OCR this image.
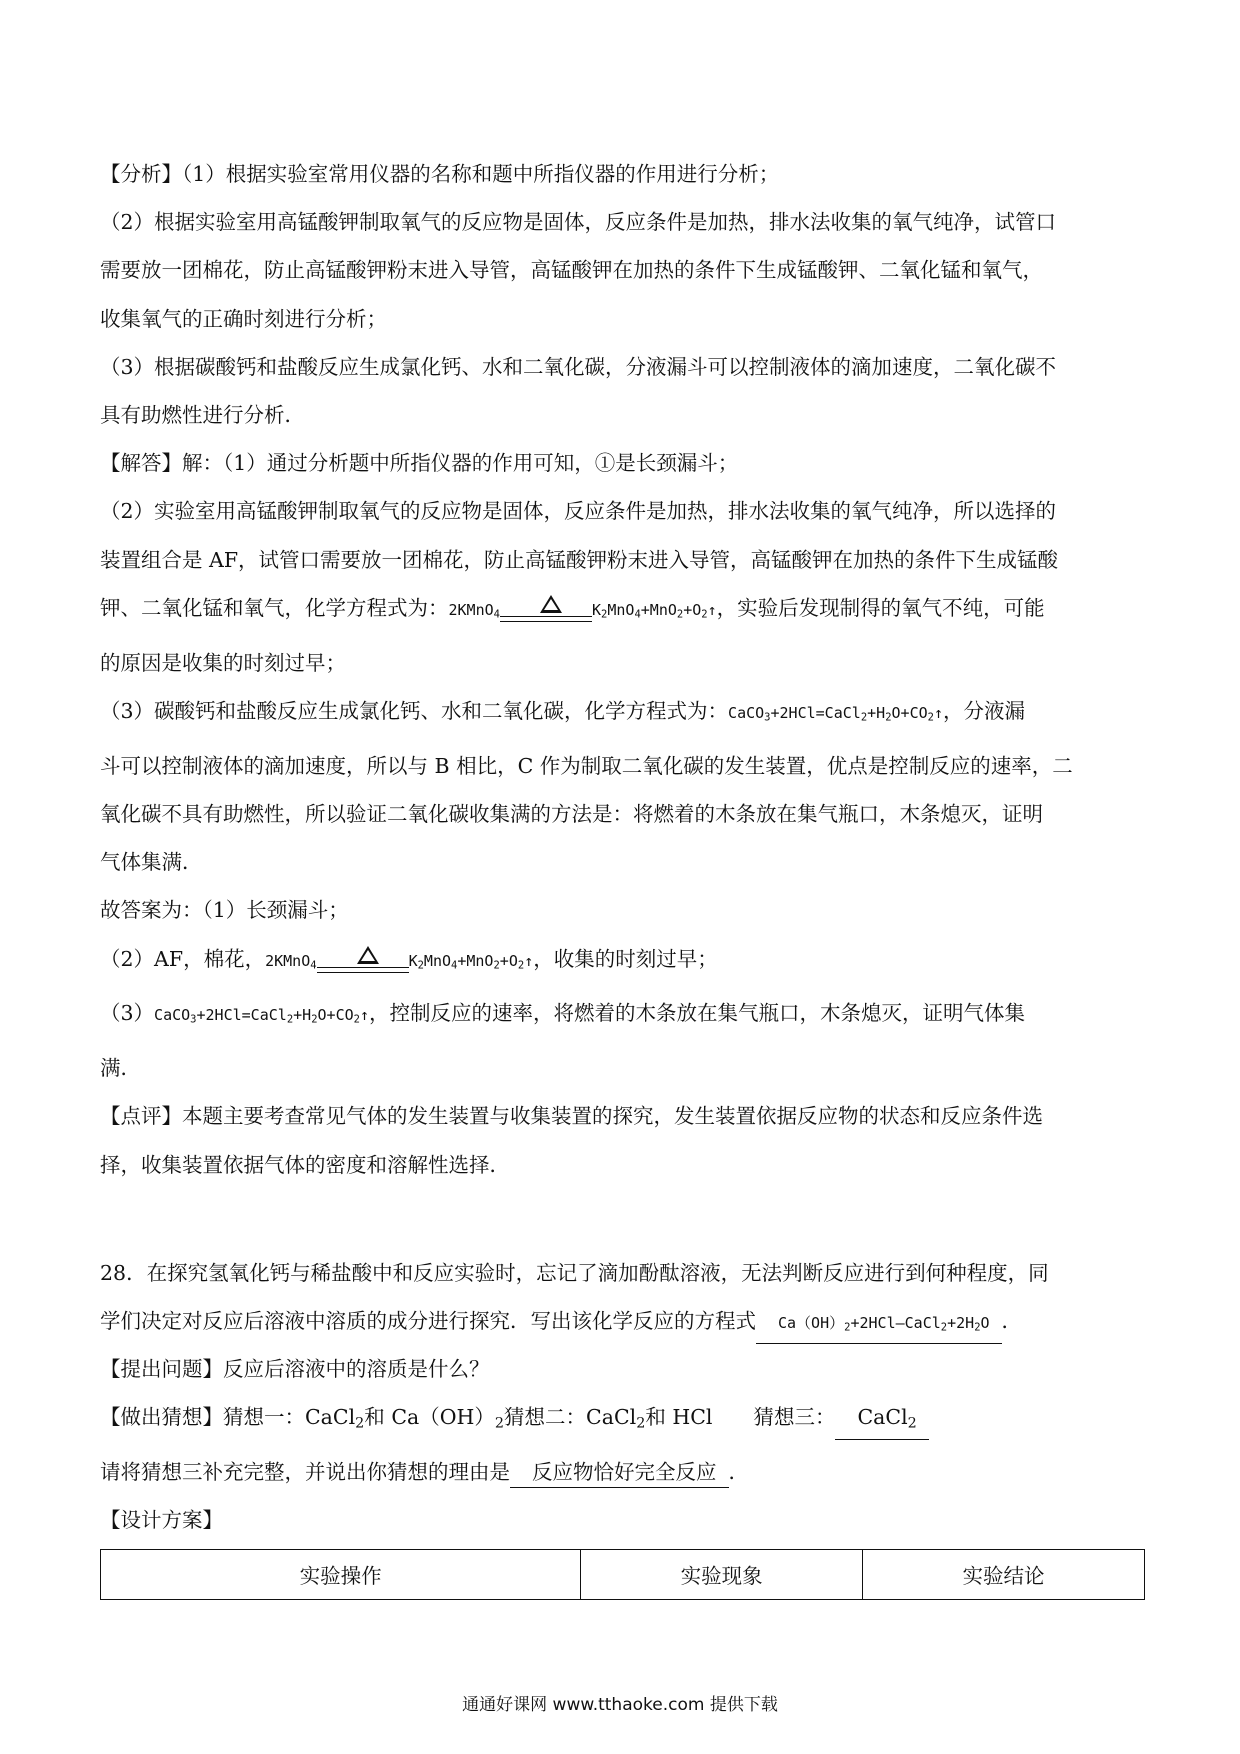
【分析】（1）根据实验室常用仪器的名称和题中所指仪器的作用进行分析；
（2）根据实验室用高锰酸钾制取氧气的反应物是固体，反应条件是加热，排水法收集的氧气纯净，试管口
需要放一团棉花，防止高锰酸钾粉末进入导管，高锰酸钾在加热的条件下生成锰酸钾、二氧化锰和氧气，
收集氧气的正确时刻进行分析；
（3）根据碳酸钙和盐酸反应生成氯化钙、水和二氧化碳，分液漏斗可以控制液体的滴加速度，二氧化碳不
具有助燃性进行分析．
【解答】解：（1）通过分析题中所指仪器的作用可知，①是长颈漏斗；
（2）实验室用高锰酸钾制取氧气的反应物是固体，反应条件是加热，排水法收集的氧气纯净，所以选择的
装置组合是 AF，试管口需要放一团棉花，防止高锰酸钾粉末进入导管，高锰酸钾在加热的条件下生成锰酸
钾、二氧化锰和氧气，化学方程式为：2KMnO$_4$	$K_2MnO_4+MnO_2+O_2↑$，实验后发现制得的氧气不纯，可能
的原因是收集的时刻过早；
（3）碳酸钙和盐酸反应生成氯化钙、水和二氧化碳，化学方程式为：$CaCO_3+2HCl=CaCl_2+H_2O+CO_2↑$，分液漏
斗可以控制液体的滴加速度，所以与 B 相比，C 作为制取二氧化碳的发生装置，优点是控制反应的速率，二
氧化碳不具有助燃性，所以验证二氧化碳收集满的方法是：将燃着的木条放在集气瓶口，木条熄灭，证明
气体集满．
故答案为：（1）长颈漏斗；
（2）AF，棉花，2KMnO$_4$	$K_2MnO_4+MnO_2+O_2↑$，收集的时刻过早；
$(3)CaCO_3+2HCl=CaCl_2+H_2O+CO_2↑$，控制反应的速率，将燃着的木条放在集气瓶口，木条熄灭，证明气体集
满．
【点评】本题主要考查常见气体的发生装置与收集装置的探究，发生装置依据反应物的状态和反应条件选
择，收集装置依据气体的密度和溶解性选择．
28．在探究氢氧化钙与稀盐酸中和反应实验时，忘记了滴加酚酞溶液，无法判断反应进行到何种程度，同
学们决定对反应后溶液中溶质的成分进行探究．写出该化学反应的方程式 $Ca(OH)_2+2HCl—CaCl_2+2H_2O$ ．
【提出问题】反应后溶液中的溶质是什么？
【做出猜想】猜想一：CaCl$_2$和 $Ca(OH)_2$猜想二：CaCl$_2$和 HCl　　猜想三： CaCl$_2$
请将猜想三补充完整，并说出你猜想的理由是 反应物恰好完全反应 ．
【设计方案】
实验操作	实验现象	实验结论
通通好课网 www.tthaoke.com 提供下载
